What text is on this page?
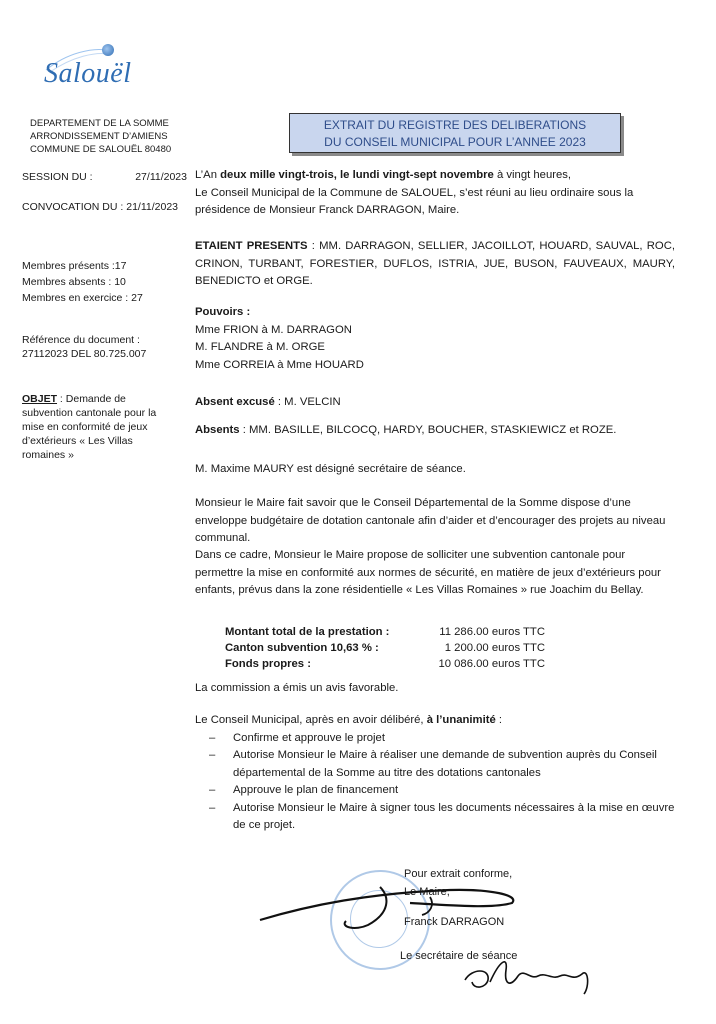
Salouël
DEPARTEMENT DE LA SOMME
ARRONDISSEMENT D’AMIENS
COMMUNE DE SALOUËL 80480
EXTRAIT DU REGISTRE DES DELIBERATIONS
DU CONSEIL MUNICIPAL POUR L’ANNEE 2023
SESSION DU :	27/11/2023
CONVOCATION DU : 21/11/2023
Membres présents :17
Membres absents : 10
Membres en exercice : 27
Référence du document :
27112023 DEL 80.725.007
OBJET : Demande de subvention cantonale pour la mise en conformité de jeux d’extérieurs « Les Villas romaines »
L’An deux mille vingt-trois, le lundi vingt-sept novembre à vingt heures,
Le Conseil Municipal de la Commune de SALOUEL, s’est réuni au lieu ordinaire sous la présidence de Monsieur Franck DARRAGON, Maire.
ETAIENT PRESENTS : MM. DARRAGON, SELLIER, JACOILLOT, HOUARD, SAUVAL, ROC, CRINON, TURBANT, FORESTIER, DUFLOS, ISTRIA, JUE, BUSON, FAUVEAUX, MAURY, BENEDICTO et ORGE.
Pouvoirs :
Mme FRION à M. DARRAGON
M. FLANDRE à M. ORGE
Mme CORREIA à Mme HOUARD
Absent excusé : M. VELCIN
Absents : MM. BASILLE, BILCOCQ, HARDY, BOUCHER, STASKIEWICZ et ROZE.
M. Maxime MAURY est désigné secrétaire de séance.
Monsieur le Maire fait savoir que le Conseil Départemental de la Somme dispose d’une enveloppe budgétaire de dotation cantonale afin d’aider et d’encourager des projets au niveau communal.
Dans ce cadre, Monsieur le Maire propose de solliciter une subvention cantonale pour permettre la mise en conformité aux normes de sécurité, en matière de jeux d’extérieurs pour enfants, prévus dans la zone résidentielle « Les Villas Romaines » rue Joachim du Bellay.
Montant total de la prestation :	11 286.00 euros TTC
Canton subvention 10,63 % :	1 200.00 euros TTC
Fonds propres :	10 086.00 euros TTC
La commission a émis un avis favorable.
Le Conseil Municipal, après en avoir délibéré, à l’unanimité :
– Confirme et approuve le projet
– Autorise Monsieur le Maire à réaliser une demande de subvention auprès du Conseil départemental de la Somme au titre des dotations cantonales
– Approuve le plan de financement
– Autorise Monsieur le Maire à signer tous les documents nécessaires à la mise en œuvre de ce projet.
Pour extrait conforme,
Le Maire,
Franck DARRAGON
Le secrétaire de séance
